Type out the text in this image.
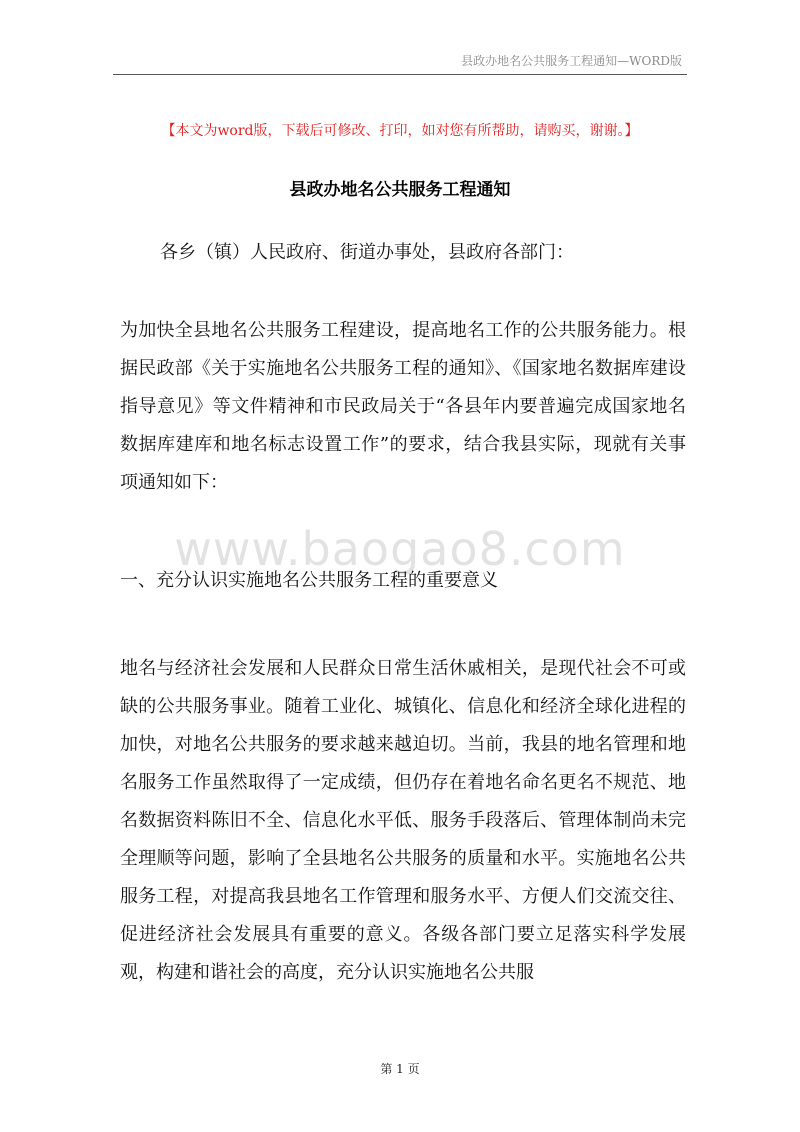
县政办地名公共服务工程通知—WORD版
【本文为word版，下载后可修改、打印，如对您有所帮助，请购买，谢谢。】
县政办地名公共服务工程通知
各乡（镇）人民政府、街道办事处，县政府各部门：

为加快全县地名公共服务工程建设，提高地名工作的公共服务能力。根据民政部《关于实施地名公共服务工程的通知》、《国家地名数据库建设指导意见》等文件精神和市民政局关于“各县年内要普遍完成国家地名数据库建库和地名标志设置工作”的要求，结合我县实际，现就有关事项通知如下：

www.baogao8.com
一、充分认识实施地名公共服务工程的重要意义

地名与经济社会发展和人民群众日常生活休戚相关，是现代社会不可或缺的公共服务事业。随着工业化、城镇化、信息化和经济全球化进程的加快，对地名公共服务的要求越来越迫切。当前，我县的地名管理和地名服务工作虽然取得了一定成绩，但仍存在着地名命名更名不规范、地名数据资料陈旧不全、信息化水平低、服务手段落后、管理体制尚未完全理顺等问题，影响了全县地名公共服务的质量和水平。实施地名公共服务工程，对提高我县地名工作管理和服务水平、方便人们交流交往、促进经济社会发展具有重要的意义。各级各部门要立足落实科学发展观，构建和谐社会的高度，充分认识实施地名公共服

第 1 页
